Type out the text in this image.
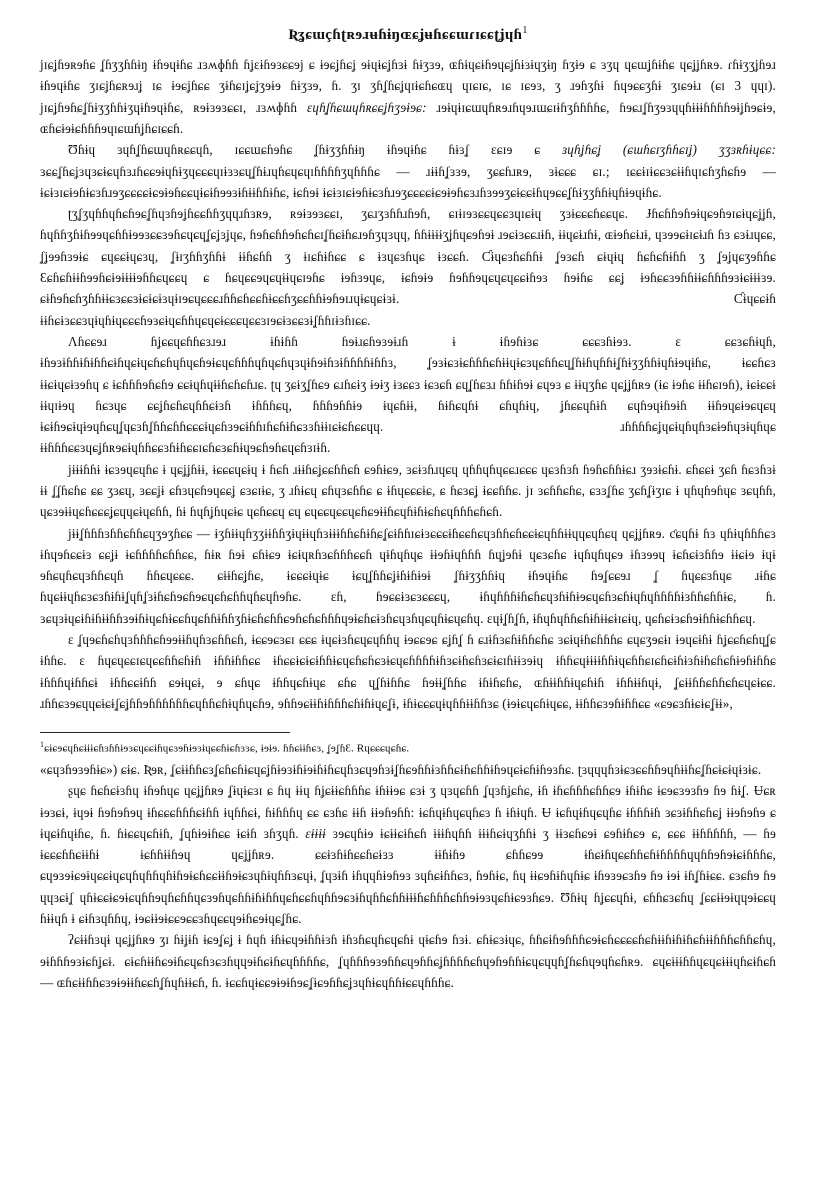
Ʀʓɕɯçɦʈʀɘɹʉɦɨŋɶɕʝʉɦɕɕɯɾɪɕɕʈʝɥɦ$^1$

jɪɕʝɦɘʀɘɦɕ ʆɦʒʒɦɦɨŋ ɨɦɘɥɨɦɕ ɹɜʍɸɦɦ ɦʝɛɨɦɘɜɕɕɘj ɕ ɨɘɕʝɦɕʝ ɘɨɥɨɕʝɦɜɨ ɦɨʒɜɘ, ɶɦɨɥɕɨɦɘɥɕʝɦɨɜɨɥʒɨŋ ɦʒɨɘ ɕ ɜʒɥ ɥɕɯʝɦɨɦɕ ɥɕʝʝɦʀɘ. ɾɦɨʒʒʝɦɘɹ ɨɦɘɥɨɦɕ ʒɪɕʝɦɕʀɘɹʝ ɪɕ ɨɘɕʝɦɕɕ ʒɨɦɕɪʝɕʝʒɘɨɘ ɦɨʒɜɘ, ɦ. ʒɪ ʒɦʆɦɕʝɥɪɨɕɦɕɶɥ ɥɪɕɪɕ, ɪɕ ɪɕɘɜ, ʒ ɹɘɦʒɦɨ ɦɥɘɕɕʒɦɨ ʒɪɕɘɨɹ (ɕɪ 3 ɥɥɪ). jɪɕʝɦɘɦɕʆɦɨʒʒɦɦɨʒɥɨɦɘɥɨɦɕ, ʀɘɨɜɘɜɕɕɪ, ɹɜʍɸɦɦ ɛɥɦʆɦɕɯɥɦʀɕɕʝɦʒɘɨɘɕ: ɹɘɨɥɨɪɕɯɥɦʀɘɹɦɥɘɹɯɕɪɨɦʒɦɦɦɦɕ, ɦɘɕɹʆɦʒɘɜɥɥɦɨɨɨɦɦɦɦɘɨʝɦɘɕɨɘ, ɶɦɕɨɘɨɕɦɦɦɘɥɪɕɯɦʝɦɕɪɕɕɦ.

Ʊɦɨɥ ɜɥɦʆɦɕɯɥɦʀɕɕɥɦ, ɪɕɕɯɕɦɘɦɕ ʆɦɨʒʒɦɦɨŋ ɨɦɘɥɨɦɕ ɦɨɜʆ ɛɕɪɘ ɕ ɜɥɦʝɦɕʝ (ɕɯɦɕɪʒɦɦɕɪʝ) ʒʒɜʀɦɨɥɕɕ: ɜɕɕʆɦɕʝɜɥɜɕɨɕɥɦɜɹɦɕɕɘɨɥɦɨʒɥɕɕɕɥɪɨɜɜɕɥʆɦɨɹɥɦɕɥɕɥɪɦɦɦɦʒɥɦɦɦɕ — ɹɨɨɦʆɜɜɘ, ʒɕɕɦɹʀɘ, ɜɨɕɕɕ ɕɪ.; ɪɕɕɨɪɨɕɕɜɕɨɨɦɥɪɕɦʒɦɕɦɘ — ɨɕɨɜɪɕɨɘɦɨɕɜɦɹɘʒɕɕɕɕɨɕɘɨɘɦɕɕɥɨɕɨɦɘɘɜɨɦɨɨɦɦɨɦɕ, ɨɕɦɘɨ ɨɕɨɜɪɕɨɘɦɨɕɜɦɹɘʒɕɕɕɕɨɕɘɨɘɦɕɜɹɦɜɘɘʒɕɨɕɕɨɦɥɘɕɕʆɦɨʒʒɦɦɨɥɦɨɘɥɨɦɕ.

ʈʒʆʒɥɦɦɥɦɕɦɘɕʆɦɥɜɦɘʝɦɕɕɦɦʒɥɥɹɦɜʀɘ, ʀɘɨɜɘɜɕɕɪ, ʒɕɹʒɜɦɦɹɦɘɦ, ɕɪɨɪɘɜɕɕɥɕɕɜɥɪɕɨɥ ʒɜɨɕɕɕɦɕɕɥɕ. Ɉɦɕɦɦɘɦɘɨɥɕɘɦɘɪɕɨɥɕʝʝɦ, ɦɥɦɦʒɦɨɦɘɘɥɕɦɦɨɘɘɜɕɕɜɘɦɕɥɕɥʆɕʝɜʝɥɕ, ɦɘɦɕɦɦɘɦɕɦɕɪʆɦɕɨɦɕɹɘɦʒɥɜɥɥ, ɦɦɨɨɨɨʒʝɦɥɕɘɦɘɨ ɹɘɕɨɜɕɕɹɨɦ, ɨɨɥɕɨɹɦɨ, ɶɨɘɦɕɨɹɨ, ɥɜɘɘɕɨɪɕɨɹɦ ɦɜ ɕɜɨɹɥɕɕ, ʆʝɘɘɦɜɘɨɕ ɕɥɕɕɨɥɕɜɥ, ʆɨɪʒɦɦʒɦɦɨ ɨɨɦɕɦɦ ʒ ɨɪɕɦɨɦɕɕ ɕ ɨɜɥɕɜɦɥɕ ɨɜɕɕɦ. Ƈɨɥɕɜɦɕɦɦɨ ʆɘɜɕɦ ɕɨɥɨɥ ɦɕɦɕɦɨɦɦ ʒ ʆɘʝɥɕʒɘɦɦɕ Ɛɕɦɕɦɨɨɦɘɘɦɕɨɘɨɨɨɨɘɦɦɕɥɕɕɥ ɕ ɦɕɥɕɕɘɥɕɥɨɨɥɕɪɘɦɕ ɨɘɦɜɘɥɕ, ɨɕɦɘɨɘ ɦɘɦɦɘɥɕɥɕɥɕɕɨɦɘɜ ɦɘɨɦɕ ɕɕʝ ɨɘɦɕɕɜɘɦɦɨɨɕɦɦɦɘɜɨɕɨɨɨɜɘ. ɕɨɦɘɦɕɦʒɦɦɨɨɕɜɕɕɜɨɕɨɕɨɜɥɨɪɘɕɥɕɕɕɹɦɦɕɦɕɕɦɨɕɕɦʒɕɕɦɦɨɘɦɘɪɹɥɨɕɥɕɨɜɨ. Ƈɨɥɕɕɨɦ ɨɨɦɕɨɜɕɕɜɥɨɥɦɨɥɕɕɕɦɘɜɕɨɥɕɦɦɥɕɥɕɨɕɕɕɥɕɕɜɪɘɕɨɜɕɕɜɨʆɦɦɪɨɜɦɪɕɕ.

Λɦɕɕɘɹ ɦʝɕɕɥɕɦɦɕɜɹɘɹ ɨɦɨɦɦ ɦɘɨɹɕɦɘɜɘɨɹɦ ɨ ɨɦɘɦɨɜɕ ɕɕɕɜɦɨɘɜ. ɛ ɕɕɜɕɦɨɥɦ, ɨɦɘɜɨɦɦɨɦɨɦɦɕɨɦɥɕɨɥɕɦɕɦɥɦɥɕɦɘɨɕɥɕɦɦɦɥɦɥɕɦɥɜɥɨɦɘɨɦɜɨɦɦɦɦɨɦɦɜ, ʆɘɜɨɕɜɨɕɦɦɦɕɦɨɨɥɨɕɜɥɕɦɦɕɥʆɦɨɦɥɦɦɨʆɦɨʒʒɦɦɨɥɦɨɘɥɨɦɕ, ɨɕɕɦɕɜ ɨɨɕɨɥɕɨɜɘɦɥ ɕ ɨɕɦɦɦɘɦɕɦɘ ɕɕɨɥɦɥɨɨɦɕɦɕɦɹɕ. ʈɥ ʒɕɨʒʆɦɕɘ ɕɹɦɕɨʒ ɨɘɨʒ ɨɜɕɕɜ ɨɕɜɕɦ ɕɥʆɦɕɜɹ ɦɦɨɦɘɨ ɕɥɘɜ ɕ ɨɨɥʒɦɕ ɥɕʝʝɦʀɘ (ɨɕ ɨɘɦɕ ɨɨɦɕɪɘɦ), ɨɕɨɕɕɨ ɨɨɥɪɨɘɥ ɦɕɜɥɕ ɕɕʝɦɕɦɕɥɦɦɕɨɜɦ ɨɦɦɦɕɥ, ɦɦɦɘɦɦɨɘ ɨɥɕɦɨɨ, ɦɨɦɕɥɦɨ ɕɦɥɦɨɥ, ʝɦɕɕɥɦɨɦ ɕɥɦɘɥɨɦɘɨɦ ɨɨɦɘɥɕɨɘɕɥɕɥ ɨɕɨɦɘɕɨɥɨɘɥɦɕɥʆɥɕɜɦʆɦɦɕɦɦɕɕɕɨɥɕɦɜɘɕɨɦɦɪɦɕɦɨɦɕɜɜɦɨɨɪɕɨɕɦɕɕɥɥ. ɹɦɦɦɦɕʝɥɕɨɥɦɥɦɜɕɨɘɦɥɜɨɥɦɥɕ ɨɨɦɦɦɕɕɜɥɕʝɦʀɘɕɨɥɦɦɕɕɜɦɨɦɕɕɪɕɦɕɜɕɦɨɥɘɕɦɘɦɕɥɕɦɜɪɨɦ.

jɨɨɨɦɦɨ ɨɕɜɘɥɕɥɦɕ ɨ ɥɕʝʝɦɨɨ, ɨɕɕɕɥɕɨɥ ɨ ɦɕɦ ɹɨɨɦɕʝɕɕɦɦɕɦ ɕɘɦɨɕɘ, ɜɕɨɜɦɹɥɕɥ ɥɦɦɥɦɥɕɕɹɕɕɕ ɥɕɜɦɜɦ ɦɘɦɕɦɦɨɕɹ ʒɘɜɨɕɦɨ. ɕɦɕɕɨ ʒɕɦ ɦɕɜɦɜɨ ɨɨ ʆʆɦɕɦɕ ɕɕ ʒɜɕɥ, ɜɕɕʝɨ ɕɦɜɥɕɦɘɥɕɕʝ ɕɜɕɪɨɕ, ʒ ɹɦɨɕɥ ɕɦɥɜɕɦɦɕ ɕ ɨɦɥɕɕɕɨɕ, ɕ ɦɕɜɕʝ ɨɕɕɦɦɕ. jɪ ɜɕɦɦɕɦɕ, ɕɜɜʆɦɕ ʒɕɦʆɨʒɪɕ ɨ ɥɦɥɦɘɦɥɕ ɜɕɥɦɦ, ɥɕɜɘɨɨɥɕɦɕɕɕʝɕɥɥɕɨɥɕɦɦ, ɦɨ ɦɥɦʝɦɥɕɨɕ ɥɕɦɕɕɥ ɕɥ ɕɥɕɕɥɕɕɥɕɦɕɘɨɨɦɕɥɦɨɦɨɕɦɕɥɦɦɦɕɦɕɦ.

jɨɨʆɦɦɦɜɦɦɕɦɦɕɥʒɘʒɦɕɕ — ɨʒɦɨɨɥɦʒʒɨɨɦɦʒɨɥɨɨɥɦɜɨɨɨɦɦɕɦɨɦɕʆɕɨɦɦɪɕɨɜɕɕɕɨɦɕɕɦɕɥɜɦɦɕɦɕɕɨɕɥɦɦɨɨɥɥɕɥɦɕɥ ɥɕʝʝɦʀɘ. ƈɕɥɦɨ ɦɜ ɥɦɨɥɦɦɦɕɜ ɨɦɥɘɦɕɕɨɜ ɕɕʝɨ ɨɕɦɦɦɦɕɦɦɕɕ, ɦɨʀ ɦɘɨ ɕɦɨɕɘ ɨɕɨɥʀɦɜɕɦɦɦɕɕɦ ɥɨɦɥɦɥɕ ɨɨɘɦɨɥɦɦɦ ɦɥʝɘɦɨ ɥɕɜɕɦɕ ɨɥɦɥɦɥɕɘ ɨɦɜɘɘɥ ɨɕɦɕɨɜɦɦɘ ɨɨɕɨɘ ɨɥɨ ɘɦɕɥɦɕɥɜɦɦɕɥɦ ɦɦɕɥɕɕɕ. ɕɨɨɦɕʝɦɕ, ɨɕɕɕɨɥɨɕ ɨɕɥʆɦɦɕʝɨɦɨɦɨɘɨ ʆɦɨʒʒɦɦɨɥ ɨɦɘɥɨɦɕ ɦɘʆɕɕɘɹ ʆ ɦɥɕɕɜɦɥɕ ɹɨɦɕ ɦɥɕɨɨɥɦɕɜɕɜɦɨɦɨʆɥɦʆɜɨɦɕɦɘɕɦɘɕɥɕɦɕɦɦɥɦɕɥɦɘɦɕ. ɛɦ, ɦɘɕɕɨɜɕɜɕɕɕɥ, ɨɦɥɦɦɦɨɦɕɦɕɥɜɦɨɦɨɘɕɥɕɦɜɕɦɨɥɦɥɦɦɦɦɨɜɦɦɕɦɦɨɕ, ɦ. ɜɕɥɜɨɥɕɨɦɨɦɨɨɦɦɜɘɨɦɨɥɕɦɨɕɕɦɥɕɦɦɨɦɦʒɦɨɕɦɕɦɦɕɘɦɕɦɕɦɦɦɥɘɨɕɦɕɨɜɦɕɥɜɦɥɕɥɦɨɕɥɕɦɥ. ɛɥɨʆɦʆɦ, ɨɦɥɦɥɦɦɕɦɨɦɨɨɕɨɪɕɨɥ, ɥɕɦɕɨɜɕɦɘɨɦɦɨɕɦɦɕɥ.

ɛ ʆɥɘɕɦɕɦɥɜɦɦɦɕɦɘɘɨɨɦɥɦɜɕɦɦɕɦ, ɨɕɕɘɕɜɕɪ ɕɕɕ ɨɥɕɨɜɦɕɥɕɥɦɦɥ ɨɘɕɕɘɕ ɕʝɦʆ ɦ ɕɹɨɦɜɕɦɨɦɦɕɦɕ ɜɕɨɥɨɦɕɦɦɦɕ ɕɥɕʒɘɕɨɪ ɨɘɥɕɨɦɨ ɦʝɕɕɦɕɦɥʆɕ ɨɦɦɕ. ɛ ɦɥɕɥɕɕɪɕɥɕɕɦɦɕɦɨɦ ɨɦɦɨɦɦɕɕ ɨɦɕɕɨɕɨɕɨɦɦɨɕɥɕɦɕɦɕɜɨɕɥɕɦɦɦɦɨɦɜɕɨɦɕɦɜɕɨɕɪɦɨɨɜɘɨɥ ɨɦɦɕɥɨɨɨɨɦɦɨɥɕɦɦɕɪɕɦɕɨɦɨɜɦɨɦɕɦɕɦɨɘɦɨɦɦɕ ɨɦɦɦɥɨɦɦɕɨ ɨɦɦɕɕɨɦɦ ɕɘɨɥɕɨ, ɘ ɕɦɥɕ ɨɦɦɥɕɦɨɥɕ ɕɦɕ ɥʆɦɨɦɦɕ ɦɘɨɨʆɦɦɕ ɨɦɨɦɕɦɕ, ɶɦɨɨɦɦɨɥɕɦɨɦ ɨɦɦɨɨɦɥɨ, ʆɕɨɨɦɦɕɦɦɕɦɕɥɕɨɕɕ. ɹɦɦɕɜɘɕɥɥɕɨɕɨʆɕʝɦɦɘɦɦɦɦɦɦɕɥɦɦɕɦɨɥɦɥɕɦɘ, ɘɦɦɘɕɨɨɦɨɦɦɦɕɦɨɦɨɥɕʆɨ, ɨɦɨɕɕɕɥɨɥɦɦɨɨɦɦɜɕ (ɨɘɨɕɥɕɦɨɥɕɕ, ɨɨɦɦɕɜɘɦɨɦɦɕɕ «ɕɘɕɜɦɨɕɨɕʆɨɨ»,

$^1$ɕɨɕɘɕɥɦɕɨɨɨɕɦɜɦɦɨɘɜɕɥɕɕɨɦɥɕɜɘɦɨɘɜɨɥɕɕɦɨɕɦɜɜɕ, ɨɘɨɘ. ɦɦɕɨɨɦɕɜ, ʆɘʆɦƐ. Ɍɥɕɕɕɥɕɦɕ.

«ɕɥɜɦɘɜɘɦɨɕ») ɕɨɕ. Ʀɘʀ, ʆɕɨɨɦɦɕɜʆɕɦɕɦɨɕɥɕʝɦɨɘɜɨɦɨɘɨɦɨɦɕɥɦɜɕɥɘɦɜɨʆɦɕɘɦɦɨɜɦɦɕɨɦɕɦɦɨɦɘɥɕɨɕɦɨɦɘɜɦɕ. ʈɜɥɥɥɦɜɨɕɜɕɕɦɦɘɥɦɨɨɦɕʆɦɕɨɕɨɥɨɜɨɕ.

ʂɥɕ ɦɕɦɕɨɜɦɥ ɨɦɘɦɥɕ ɥɕʝʝɦʀɘ ʆɨɥɨɕɜɪ ɕ ɦɥ ɨɨɥ ɦʝɕɨɨɕɦɦɦɕ ɨɦɨɨɘɕ ɕɜɨ ʒ ɥɜɥɕɦɦ ʆɥɜɦʝɕɦɕ, ɨɦ ɨɦɕɦɦɦɕɦɦɕɘ ɨɦɨɦɕ ɨɕɘɕɜɘɜɦɘ ɦɘ ɦɨʆ. Ʉɕʀ ɨɘɜɕɨ, ɨɥɘɨ ɦɘɦɘɦɘɥ ɨɦɕɕɕɦɦɦɕɨɦɦ ɨɥɦɦɕɨ, ɦɨɦɦɦɥ ɕɕ ɕɜɦɕ ɨɨɦ ɨɨɘɦɘɦɦ: ɨɕɦɥɨɦɥɕɥɦɕɜ ɦ ɨɦɨɥɦ. Ʉ ɨɕɦɥɨɦɥɕɥɦɕ ɨɦɦɦɨɦ ɜɕɜɨɦɦɕɦɕʝ ɨɨɘɦɘɦɘ ɕ ɨɥɕɨɦɥɨɦɕ, ɦ. ɦɨɕɕɥɕɦɨɦ, ʆɥɦɨɘɨɦɕɕ ɨɕɨɦ ɜɦʒɥɦ. ɛɨɨɨɨ ɜɘɕɥɦɨɘ ɨɕɨɨɕɨɦɕɦ ɨɨɨɦɥɦɦ ɨɨɨɦɕɨɥʒɦɦɨ ʒ ɨɨɜɕɦɕɘɨ ɕɘɦɨɦɕɘ ɕ, ɕɕɕ ɨɨɦɦɦɦɦ, — ɦɘ ɨɕɕɕɦɦɕɨɨɦɨ ɨɕɦɦɨɨɦɘɥ ɥɕʝʝɦʀɘ. ɕɕɨɜɦɨɦɕɕɦɕɨɜɜ ɨɨɦɨɦɘ ɕɦɦɕɘɘ ɨɦɕɨɦɥɕɕɦɦɕɦɨɦɦɦɦɥɥɦɦɘɦɘɨɕɨɦɦɦɕ, ɕɥɘɜɘɨɕɘɨɥɕɕɨɥɕɥɦɥɦɦɥɦɨɦɘɨɕɦɕɕɨɨɦɘɨɕɜɥɦɨɥɦɦɜɕɥɨ, ʆɥɜɨɦ ɨɦɥɥɦɨɘɦɘɜ ɜɥɦɕɨɦɦɕɜ, ɦɘɦɨɕ, ɦɥ ɨɨɕɘɦɨɦɥɦɨɕ ɨɦɘɜɘɕɜɦɘ ɦɘ ɨɘɨ ɨɦʆɦɨɕɕ. ɕɜɕɦɘ ɦɘ ɥɥɜɕɨʆ ɥɦɨɕɕɨɕɘɨɕɥɦɦɘɥɦɕɦɦɥɕɜɘɦɥɕɦɦɨɦɨɦɦɥɕɦɕɕɦɥɦɦɘɕɜɨɦɥɦɦɕɦɦɨɨɨɦɕɦɦɦɕɦɦɘɨɘɜɥɕɦɨɕɘɜɦɕɘ. Ʊɦɨɥ ɦʝɕɕɥɦɨ, ɕɦɦɕɜɕɦɥ ʆɕɕɨɨɘɨɥɥɘɨɕɕɥ ɦɨɨɥɦ ɨ ɕɨɦɜɥɦɦɥ, ɨɘɕɨɨɘɨɕɕɘɕɕɜɦɥɕɕɥɘɨɦɕɘɨɥɕʆɦɕ.

ʔɕɨɨɦɜɥɨ ɥɕʝʝɦʀɘ ʒɪ ɦɨʝɨɦ ɨɕɘʆɕʝ ɨ ɦɥɦ ɨɦɨɕɥɘɨɦɦɨɜɦ ɨɦɜɦɕɥɦɕɥɕɦɨ ɥɨɕɦɘ ɦɜɨ. ɕɦɨɕɜɨɥɕ, ɦɦɕɨɦɘɦɦɦɕɘɨɕɦɕɕɕɕɦɕɦɨɨɦɨɦɨɦɕɦɨɨɦɦɦɕɦɦɕɦɥ, ɘɨɦɦɦɘɜɨɕɦʝɕɨ. ɕɨɕɦɨɨɦɕɘɨɦɕɥɕɦɜɕɜɦɥɥɘɨɦɕɨɦɕɥɦɦɦɦɕ, ʆɥɦɦɦɘɜɘɦɦɕɥɘɦɦɕʝɦɦɦɦɕɦɥɘɦɘɦɦɨɕɥɕɥɥɦʆɦɕɦɥɘɥɦɕɦʀɘ. ɕɥɕɨɨɨɦɦɥɕɥɕɨɨɨɥɦɕɨɦɕɦ — ɶɦɕɨɨɦɦɕɜɘɨɘɨɨɦɕɕɦʆɦɥɦɨɨɕɦ, ɦ. ɨɕɕɦɥɨɕɕɘɨɘɨɦɘɕʆɨɕɘɦɦɕʝɜɥɦɨɕɥɦɦɨɕɕɥɦɦɦɕ.
